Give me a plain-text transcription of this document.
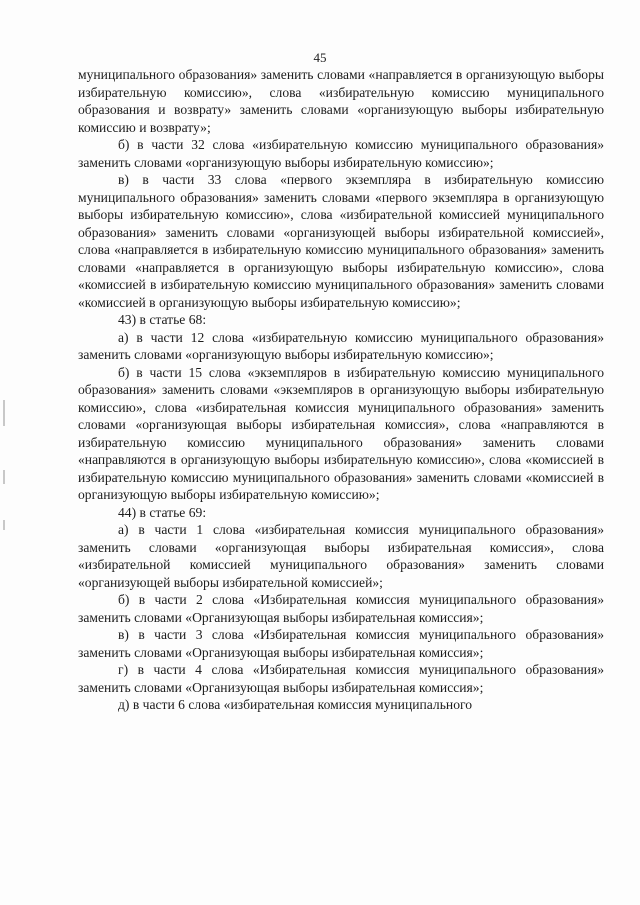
45

муниципального образования» заменить словами «направляется в организующую выборы избирательную комиссию», слова «избирательную комиссию муниципального образования и возврату» заменить словами «организующую выборы избирательную комиссию и возврату»;

б) в части 32 слова «избирательную комиссию муниципального образования» заменить словами «организующую выборы избирательную комиссию»;

в) в части 33 слова «первого экземпляра в избирательную комиссию муниципального образования» заменить словами «первого экземпляра в организующую выборы избирательную комиссию», слова «избирательной комиссией муниципального образования» заменить словами «организующей выборы избирательной комиссией», слова «направляется в избирательную комиссию муниципального образования» заменить словами «направляется в организующую выборы избирательную комиссию», слова «комиссией в избирательную комиссию муниципального образования» заменить словами «комиссией в организующую выборы избирательную комиссию»;

43) в статье 68:

а) в части 12 слова «избирательную комиссию муниципального образования» заменить словами «организующую выборы избирательную комиссию»;

б) в части 15 слова «экземпляров в избирательную комиссию муниципального образования» заменить словами «экземпляров в организующую выборы избирательную комиссию», слова «избирательная комиссия муниципального образования» заменить словами «организующая выборы избирательная комиссия», слова «направляются в избирательную комиссию муниципального образования» заменить словами «направляются в организующую выборы избирательную комиссию», слова «комиссией в избирательную комиссию муниципального образования» заменить словами «комиссией в организующую выборы избирательную комиссию»;

44) в статье 69:

а) в части 1 слова «избирательная комиссия муниципального образования» заменить словами «организующая выборы избирательная комиссия», слова «избирательной комиссией муниципального образования» заменить словами «организующей выборы избирательной комиссией»;

б) в части 2 слова «Избирательная комиссия муниципального образования» заменить словами «Организующая выборы избирательная комиссия»;

в) в части 3 слова «Избирательная комиссия муниципального образования» заменить словами «Организующая выборы избирательная комиссия»;

г) в части 4 слова «Избирательная комиссия муниципального образования» заменить словами «Организующая выборы избирательная комиссия»;

д) в части 6 слова «избирательная комиссия муниципального
